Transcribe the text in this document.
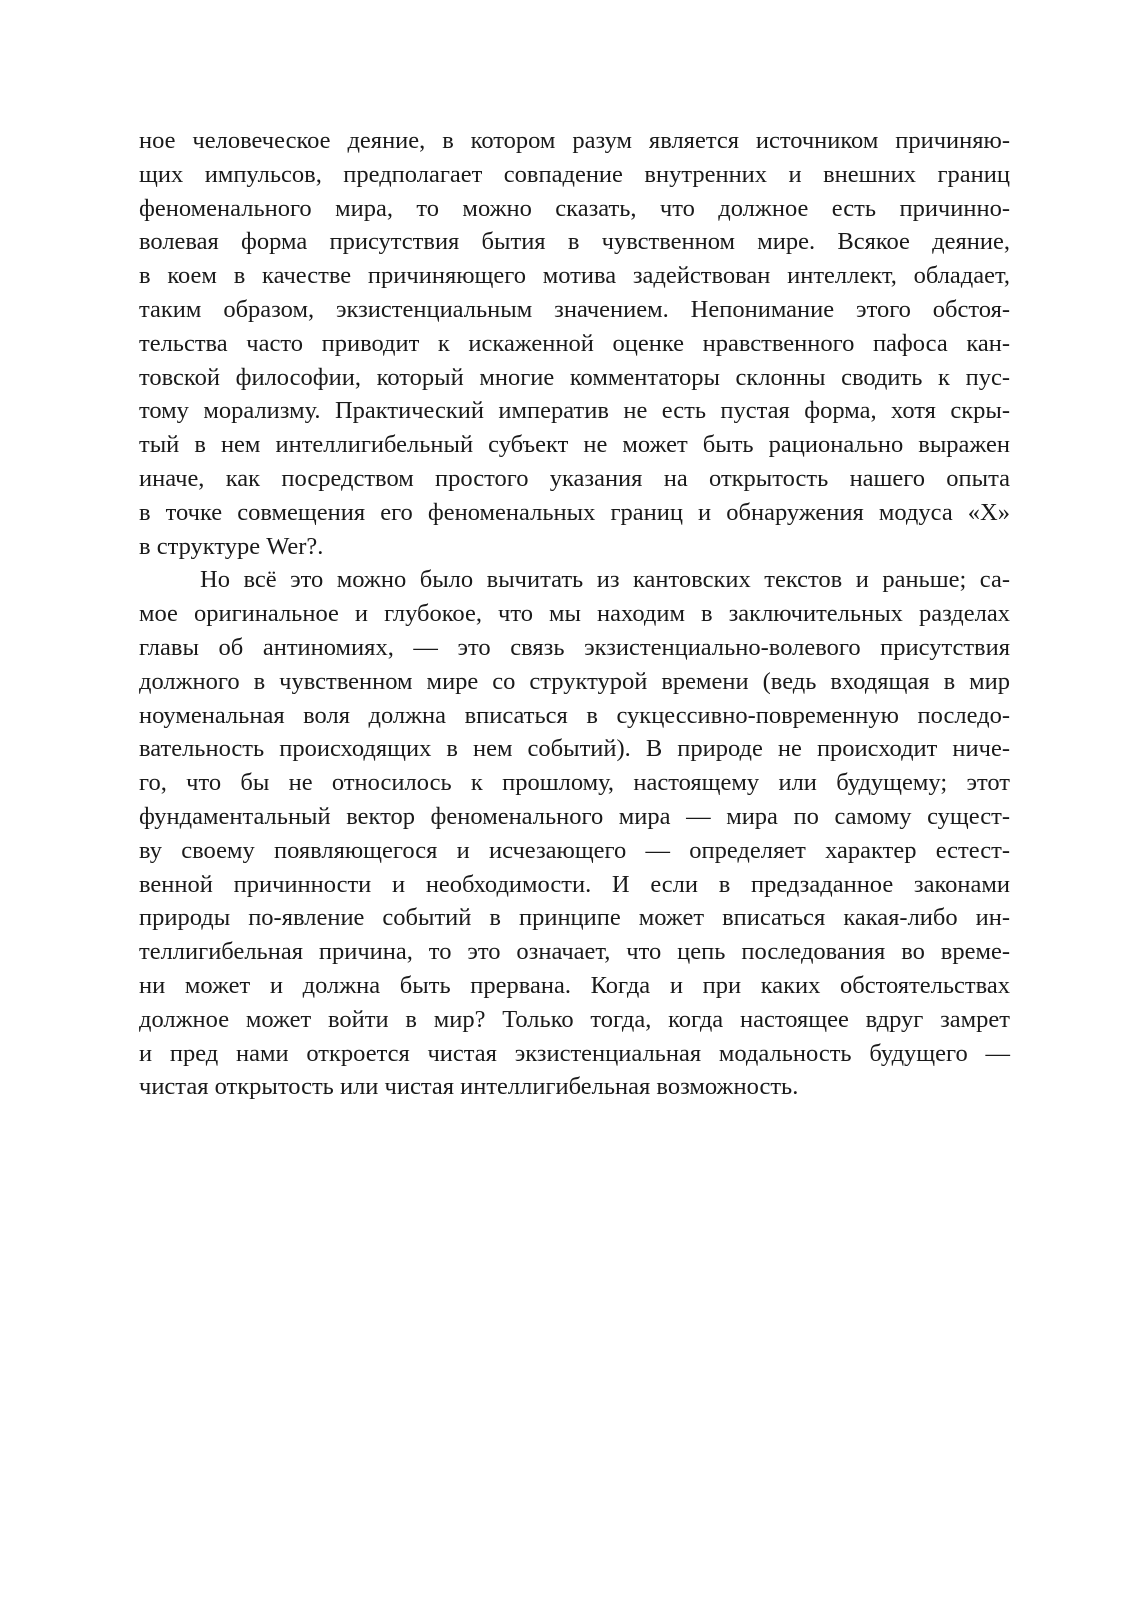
ное человеческое деяние, в котором разум является источником причиняю-
щих импульсов, предполагает совпадение внутренних и внешних границ
феноменального мира, то можно сказать, что должное есть причинно-
волевая форма присутствия бытия в чувственном мире. Всякое деяние,
в коем в качестве причиняющего мотива задействован интеллект, обладает,
таким образом, экзистенциальным значением. Непонимание этого обстоя-
тельства часто приводит к искаженной оценке нравственного пафоса кан-
товской философии, который многие комментаторы склонны сводить к пус-
тому морализму. Практический императив не есть пустая форма, хотя скры-
тый в нем интеллигибельный субъект не может быть рационально выражен
иначе, как посредством простого указания на открытость нашего опыта
в точке совмещения его феноменальных границ и обнаружения модуса «Х»
в структуре Wer?.
Но всё это можно было вычитать из кантовских текстов и раньше; са-
мое оригинальное и глубокое, что мы находим в заключительных разделах
главы об антиномиях, — это связь экзистенциально-волевого присутствия
должного в чувственном мире со структурой времени (ведь входящая в мир
ноуменальная воля должна вписаться в сукцессивно-повременную последо-
вательность происходящих в нем событий). В природе не происходит ниче-
го, что бы не относилось к прошлому, настоящему или будущему; этот
фундаментальный вектор феноменального мира — мира по самому сущест-
ву своему появляющегося и исчезающего — определяет характер естест-
венной причинности и необходимости. И если в предзаданное законами
природы по-явление событий в принципе может вписаться какая-либо ин-
теллигибельная причина, то это означает, что цепь последования во време-
ни может и должна быть прервана. Когда и при каких обстоятельствах
должное может войти в мир? Только тогда, когда настоящее вдруг замрет
и пред нами откроется чистая экзистенциальная модальность будущего —
чистая открытость или чистая интеллигибельная возможность.
